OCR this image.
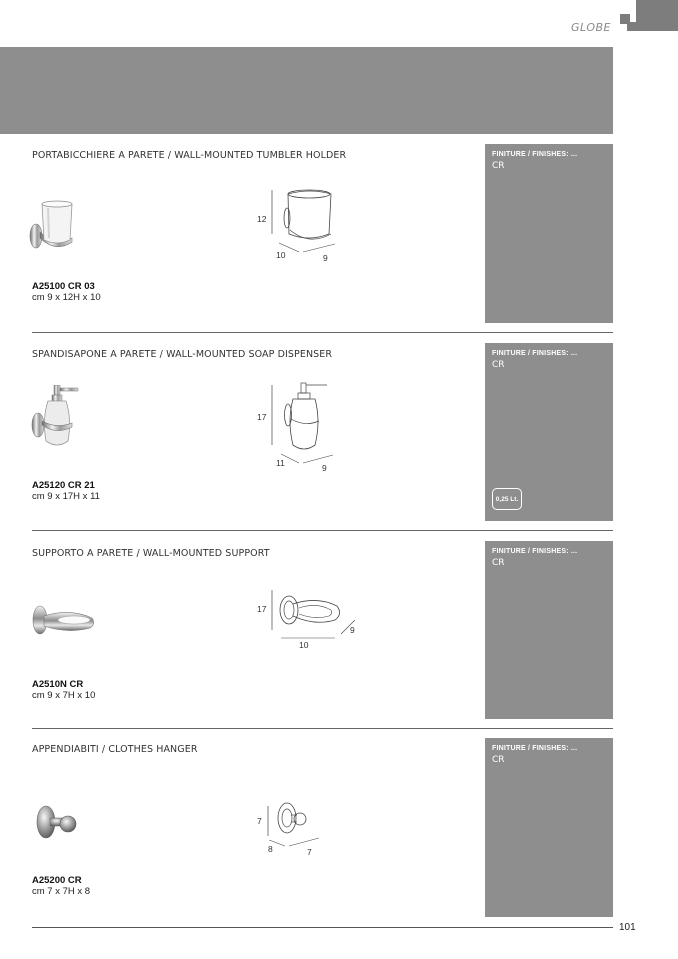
GLOBE
PORTABICCHIERE A PARETE / WALL-MOUNTED TUMBLER HOLDER
12
10	9
A25100 CR 03
cm 9 x 12H x 10
FINITURE / FINISHES: ...
CR
SPANDISAPONE A PARETE / WALL-MOUNTED SOAP DISPENSER
17
11	9
A25120 CR 21
cm 9 x 17H x 11
FINITURE / FINISHES: ...
CR
0,25 Lt.
SUPPORTO A PARETE / WALL-MOUNTED SUPPORT
17
10
9
A2510N CR
cm 9 x 7H x 10
FINITURE / FINISHES: ...
CR
APPENDIABITI / CLOTHES HANGER
7
8	7
A25200 CR
cm 7 x 7H x 8
FINITURE / FINISHES: ...
CR
101
